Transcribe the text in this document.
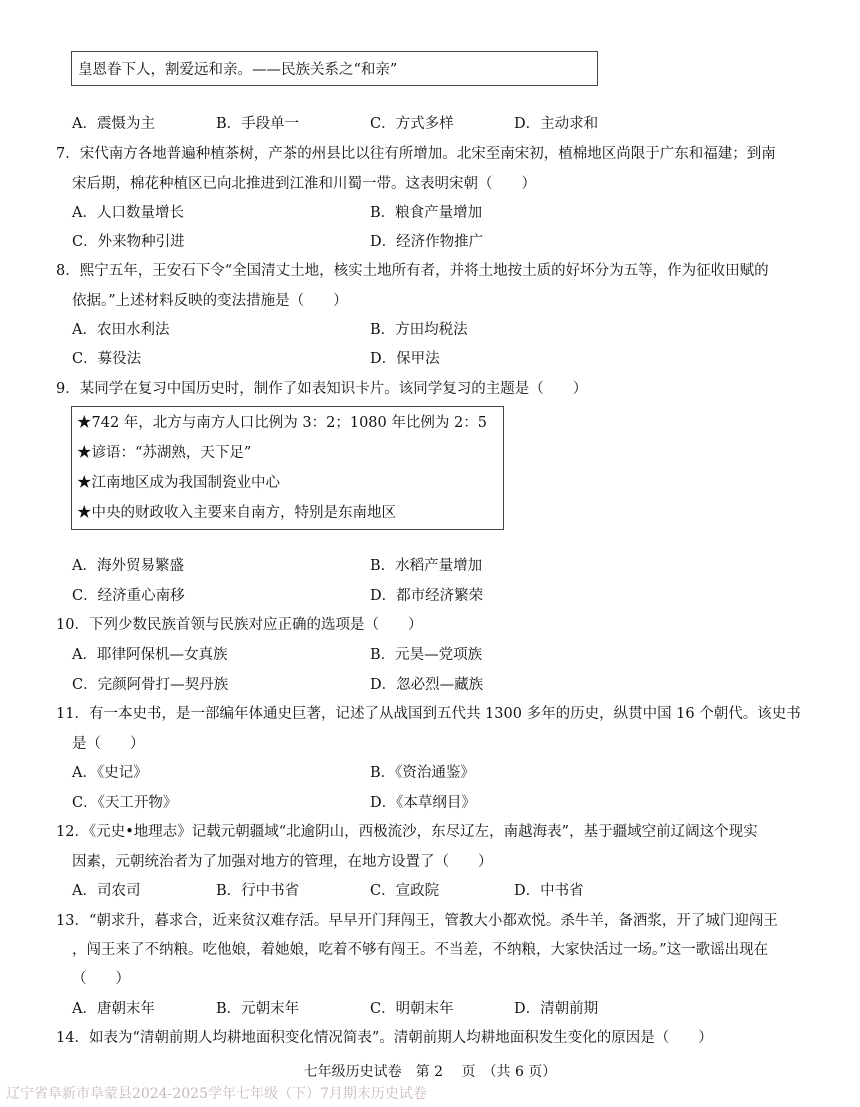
皇恩眷下人，割爱远和亲。——民族关系之“和亲”
A．震慑为主	B．手段单一	C．方式多样	D．主动求和
7．宋代南方各地普遍种植茶树，产茶的州县比以往有所增加。北宋至南宋初，植棉地区尚限于广东和福建；到南
宋后期，棉花种植区已向北推进到江淮和川蜀一带。这表明宋朝（　　）
A．人口数量增长	B．粮食产量增加
C．外来物种引进	D．经济作物推广
8．熙宁五年，王安石下令“全国清丈土地，核实土地所有者，并将土地按土质的好坏分为五等，作为征收田赋的
依据。”上述材料反映的变法措施是（　　）
A．农田水利法	B．方田均税法
C．募役法	D．保甲法
9．某同学在复习中国历史时，制作了如表知识卡片。该同学复习的主题是（　　）
★742 年，北方与南方人口比例为 3：2；1080 年比例为 2：5
★谚语：“苏湖熟，天下足”
★江南地区成为我国制瓷业中心
★中央的财政收入主要来自南方，特别是东南地区
A．海外贸易繁盛	B．水稻产量增加
C．经济重心南移	D．都市经济繁荣
10．下列少数民族首领与民族对应正确的选项是（　　）
A．耶律阿保机—女真族	B．元昊—党项族
C．完颜阿骨打—契丹族	D．忽必烈—藏族
11．有一本史书，是一部编年体通史巨著，记述了从战国到五代共 1300 多年的历史，纵贯中国 16 个朝代。该史书
是（　　）
A．《史记》	B．《资治通鉴》
C．《天工开物》	D．《本草纲目》
12．《元史•地理志》记载元朝疆域“北逾阴山，西极流沙，东尽辽左，南越海表”，基于疆域空前辽阔这个现实
因素，元朝统治者为了加强对地方的管理，在地方设置了（　　）
A．司农司	B．行中书省	C．宣政院	D．中书省
13．“朝求升，暮求合，近来贫汉难存活。早早开门拜闯王，管教大小都欢悦。杀牛羊，备酒浆，开了城门迎闯王
，闯王来了不纳粮。吃他娘，着她娘，吃着不够有闯王。不当差，不纳粮，大家快活过一场。”这一歌谣出现在
（　　）
A．唐朝末年	B．元朝末年	C．明朝末年	D．清朝前期
14．如表为“清朝前期人均耕地面积变化情况简表”。清朝前期人均耕地面积发生变化的原因是（　　）
七年级历史试卷　第 2　 页　（共 6 页）
辽宁省阜新市阜蒙县2024-2025学年七年级（下）7月期末历史试卷
